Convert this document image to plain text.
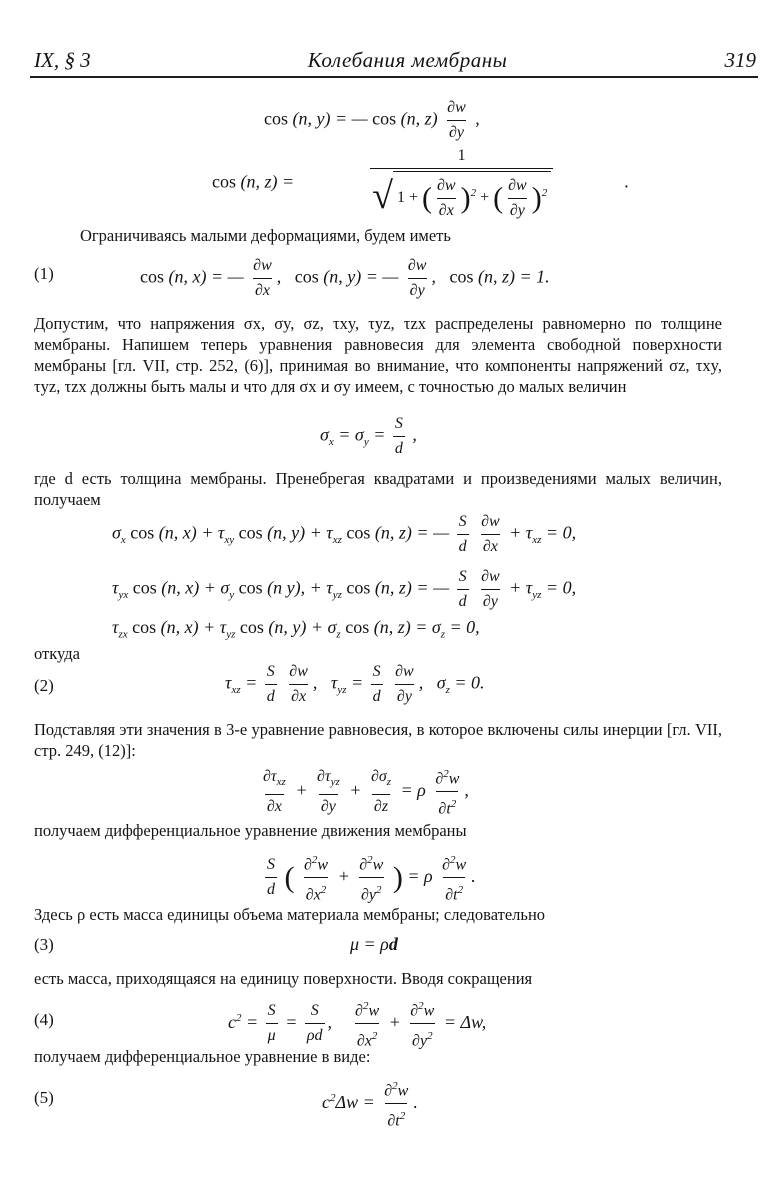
IX, § 3	Колебания мембраны	319
cos (n, y) = — cos (n, $z) \frac{\partial w}{\partial y}$ ,
cos (n, $z) = \frac{1}{√ 1 + ( \frac{\partial w}{\partial x} )^2 + ( \frac{\partial w}{\partial y} )^2}$ .
Ограничиваясь малыми деформациями, будем иметь
(1)	cos (n, x) = — $\frac{\partial w}{\partial x}$ ,   cos (n, y) = — $\frac{\partial w}{\partial y}$ ,   cos (n, z) = 1.
Допустим, что напряжения σx, σy, σz, τxy, τyz, τzx распределены равномерно по толщине мембраны. Напишем теперь уравнения равновесия для элемента свободной поверхности мембраны [гл. VII, стр. 252, (6)], принимая во внимание, что компоненты напряжений σz, τxy, τyz, τzx должны быть малы и что для σx и σy имеем, с точностью до малых величин
$\sigma_x = \sigma_y = \frac{S}{d}$ ,
где d есть толщина мембраны. Пренебрегая квадратами и произведениями малых величин, получаем
$\sigma_x$ cos (n, $x) + \tau_{xy}$ cos (n, $y) + \tau_{xz}$ cos (n, z) = — $\frac{S}{d}$
$\frac{\partial w}{\partial x} + \tau_{xz} = 0$,
$\tau_{yx}$ cos (n, $x) + \sigma_y$ cos (n y), + $\tau_{yz}$ cos (n, z) = — $\frac{S}{d}$
$\frac{\partial w}{\partial y} + \tau_{yz} = 0$,
$\tau_{zx}$ cos (n, $x) + \tau_{yz}$ cos (n, $y) + \sigma_z$ cos (n, $z) = \sigma_z = 0$,
откуда
(2)	$\tau_{xz} = \frac{S}{d}$
$\frac{\partial w}{\partial x}$ ,   $\tau_{yz} = \frac{S}{d}$
$\frac{\partial w}{\partial y}$ ,   $\sigma_z = 0$.
Подставляя эти значения в 3-е уравнение равновесия, в которое включены силы инерции [гл. VII, стр. 249, (12)]:
$\partial\tau_{xz}$
∂x
+
$\partial\tau_{yz}$
∂y
+ $\frac{\partial\sigma_z}{\partial z} = \rho \frac{\partial^2w}{\partial t^2}$ ,
получаем дифференциальное уравнение движения мембраны
$\frac{S}{d}$ ( $\frac{\partial^2w}{\partial x^2} + \frac{\partial^2w}{\partial y^2}$ ) = ρ $\frac{\partial^2w}{\partial t^2}$ .
Здесь ρ есть масса единицы объема материала мембраны; следовательно
(3)	μ = ρd
есть масса, приходящаяся на единицу поверхности. Вводя сокращения
(4)	$c^2 = \frac{S}{\mu} = \frac{S}{\rho d}$ , $\frac{\partial^2w}{\partial x^2} + \frac{\partial^2w}{\partial y^2} = \Delta w$,
получаем дифференциальное уравнение в виде:
(5)	$c^2\Delta w = \frac{\partial^2w}{\partial t^2}$ .
